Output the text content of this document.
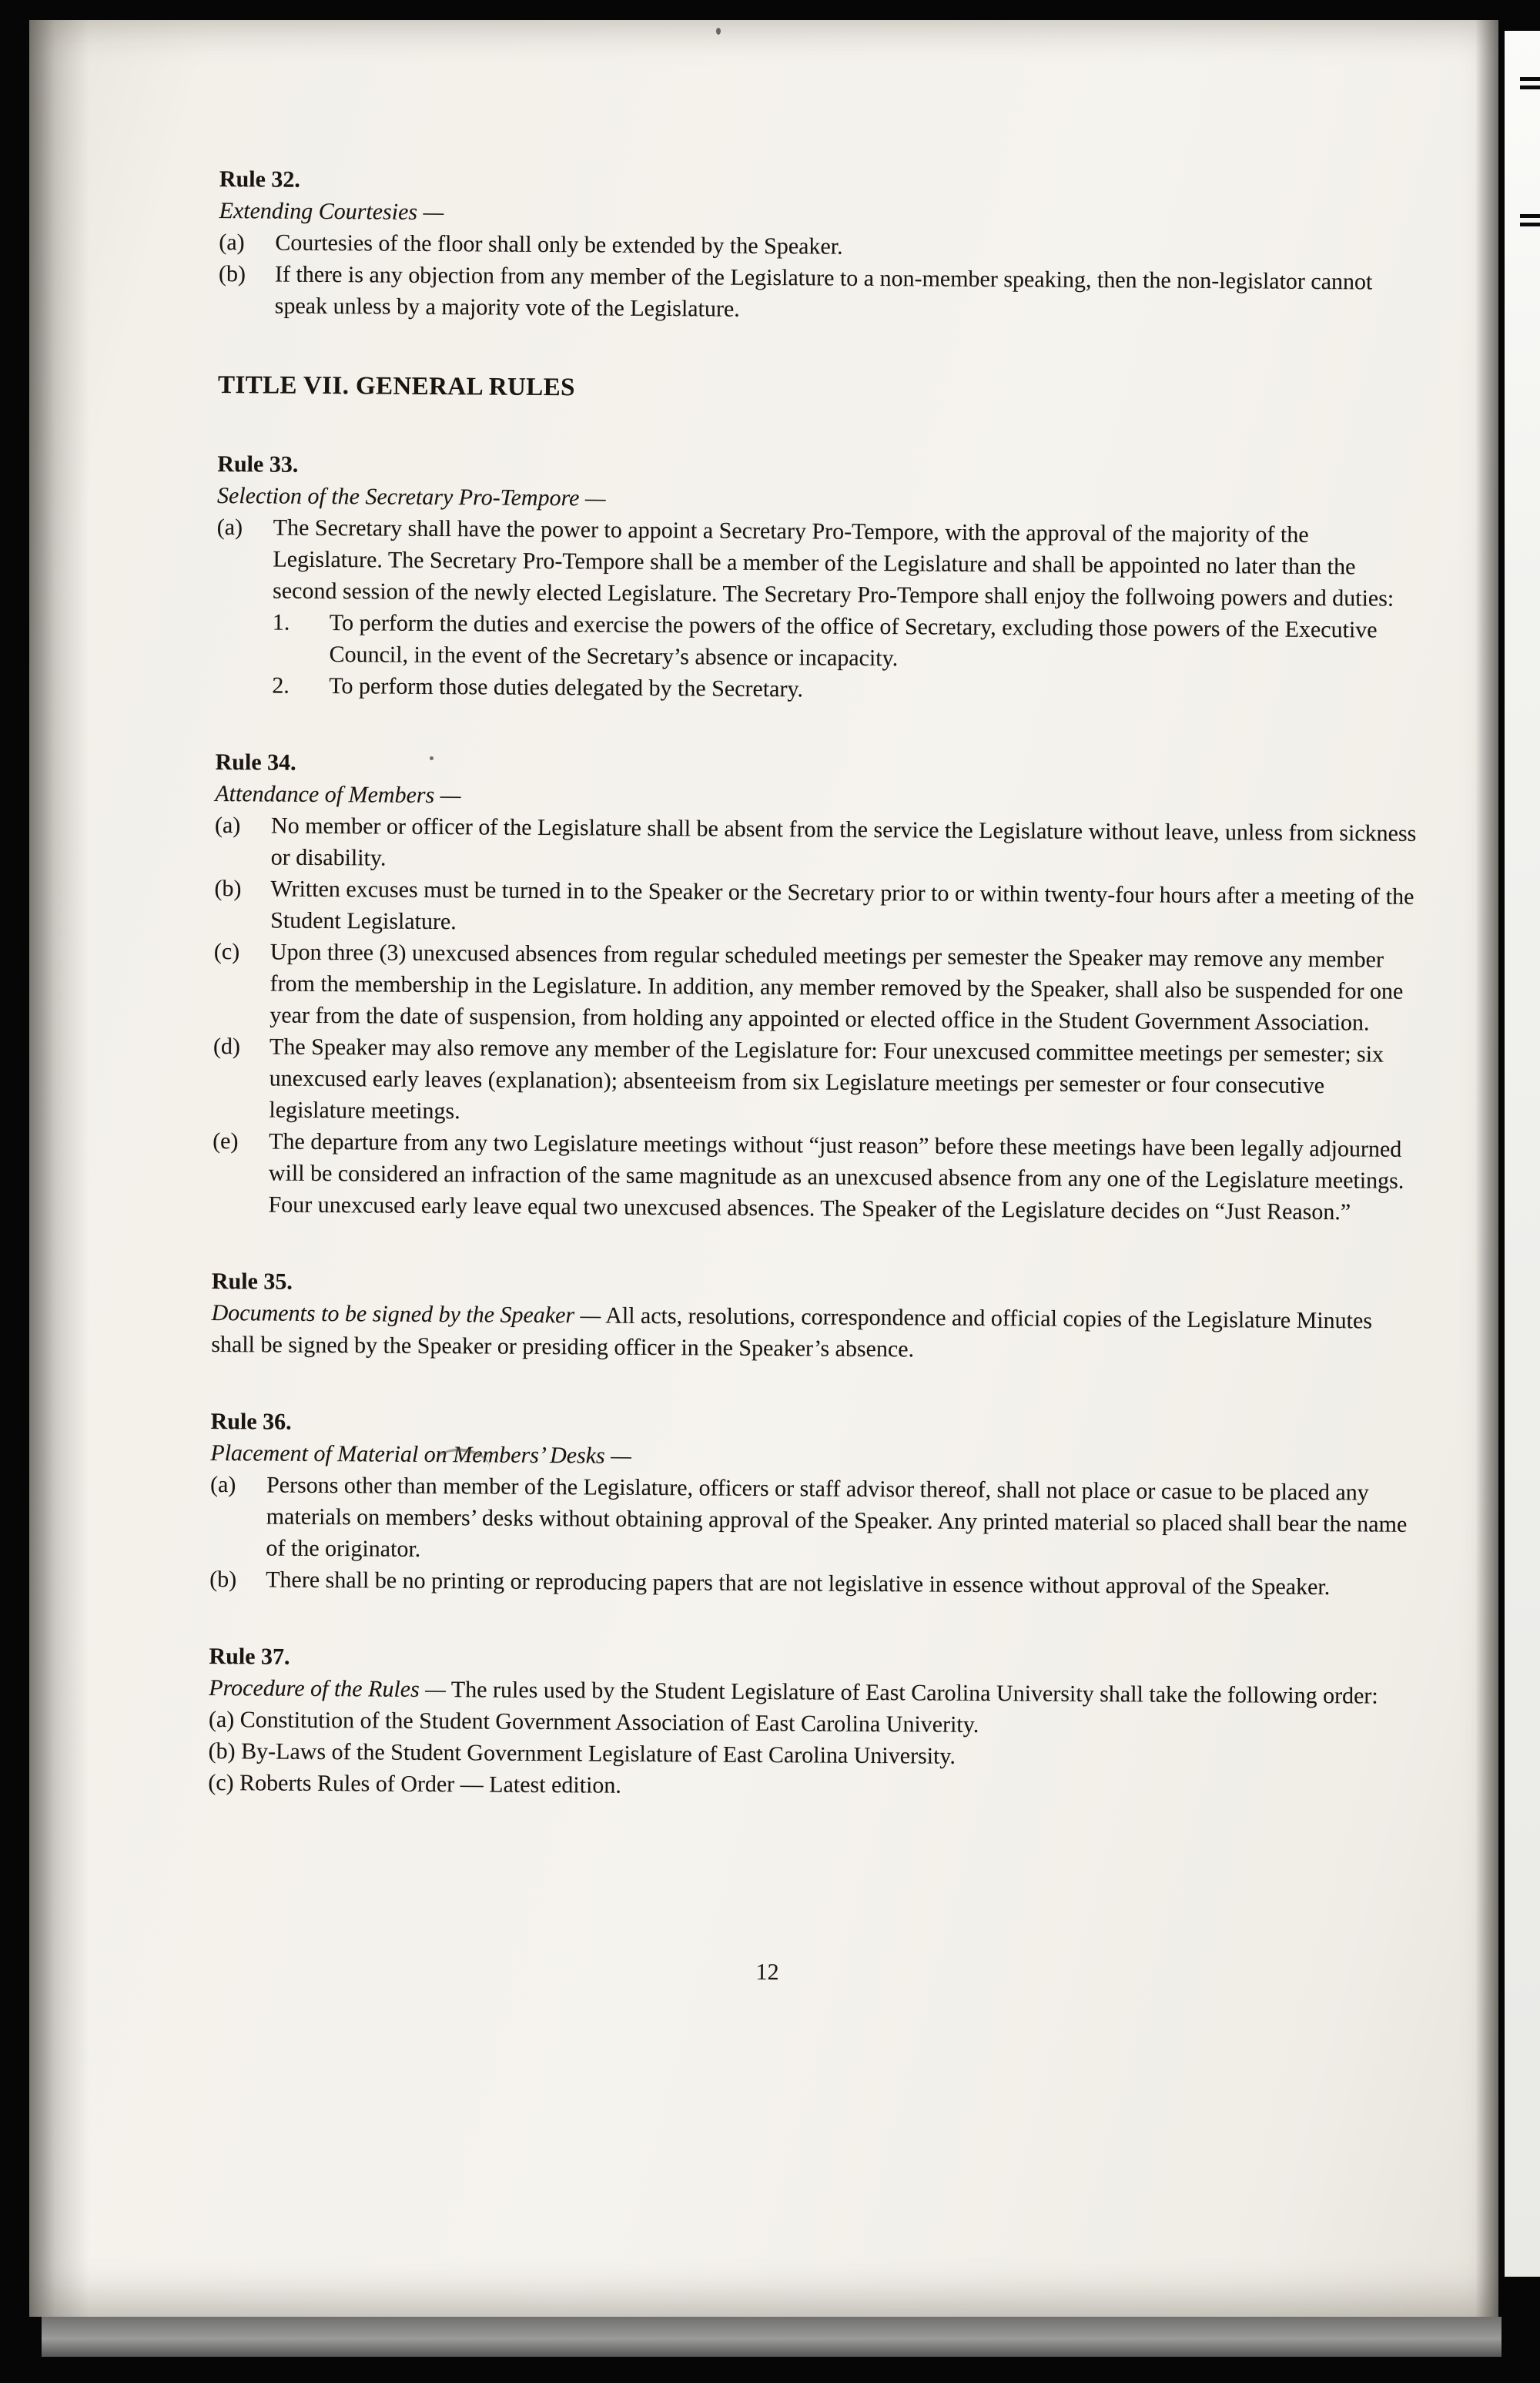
Rule 32.
Extending Courtesies —
(a)	Courtesies of the floor shall only be extended by the Speaker.
(b)	If there is any objection from any member of the Legislature to a non-member speaking, then the non-legislator cannot speak unless by a majority vote of the Legislature.
TITLE VII. GENERAL RULES
Rule 33.
Selection of the Secretary Pro-Tempore —
(a)	The Secretary shall have the power to appoint a Secretary Pro-Tempore, with the approval of the majority of the Legislature. The Secretary Pro-Tempore shall be a member of the Legislature and shall be appointed no later than the second session of the newly elected Legislature. The Secretary Pro-Tempore shall enjoy the follwoing powers and duties:
1.	To perform the duties and exercise the powers of the office of Secretary, excluding those powers of the Executive Council, in the event of the Secretary’s absence or incapacity.
2.	To perform those duties delegated by the Secretary.
Rule 34.
Attendance of Members —
(a)	No member or officer of the Legislature shall be absent from the service the Legislature without leave, unless from sickness or disability.
(b)	Written excuses must be turned in to the Speaker or the Secretary prior to or within twenty-four hours after a meeting of the Student Legislature.
(c)	Upon three (3) unexcused absences from regular scheduled meetings per semester the Speaker may remove any member from the membership in the Legislature. In addition, any member removed by the Speaker, shall also be suspended for one year from the date of suspension, from holding any appointed or elected office in the Student Government Association.
(d)	The Speaker may also remove any member of the Legislature for: Four unexcused committee meetings per semester; six unexcused early leaves (explanation); absenteeism from six Legislature meetings per semester or four consecutive legislature meetings.
(e)	The departure from any two Legislature meetings without “just reason” before these meetings have been legally adjourned will be considered an infraction of the same magnitude as an unexcused absence from any one of the Legislature meetings. Four unexcused early leave equal two unexcused absences. The Speaker of the Legislature decides on “Just Reason.”
Rule 35.

Documents to be signed by the Speaker — All acts, resolutions, correspondence and official copies of the Legislature Minutes shall be signed by the Speaker or presiding officer in the Speaker’s absence.

Rule 36.
Placement of Material on Members’ Desks —
(a)	Persons other than member of the Legislature, officers or staff advisor thereof, shall not place or casue to be placed any materials on members’ desks without obtaining approval of the Speaker. Any printed material so placed shall bear the name of the originator.
(b)	There shall be no printing or reproducing papers that are not legislative in essence without approval of the Speaker.
Rule 37.

Procedure of the Rules — The rules used by the Student Legislature of East Carolina University shall take the following order:

(a) Constitution of the Student Government Association of East Carolina Univerity.
(b) By-Laws of the Student Government Legislature of East Carolina University.
(c) Roberts Rules of Order — Latest edition.
12
